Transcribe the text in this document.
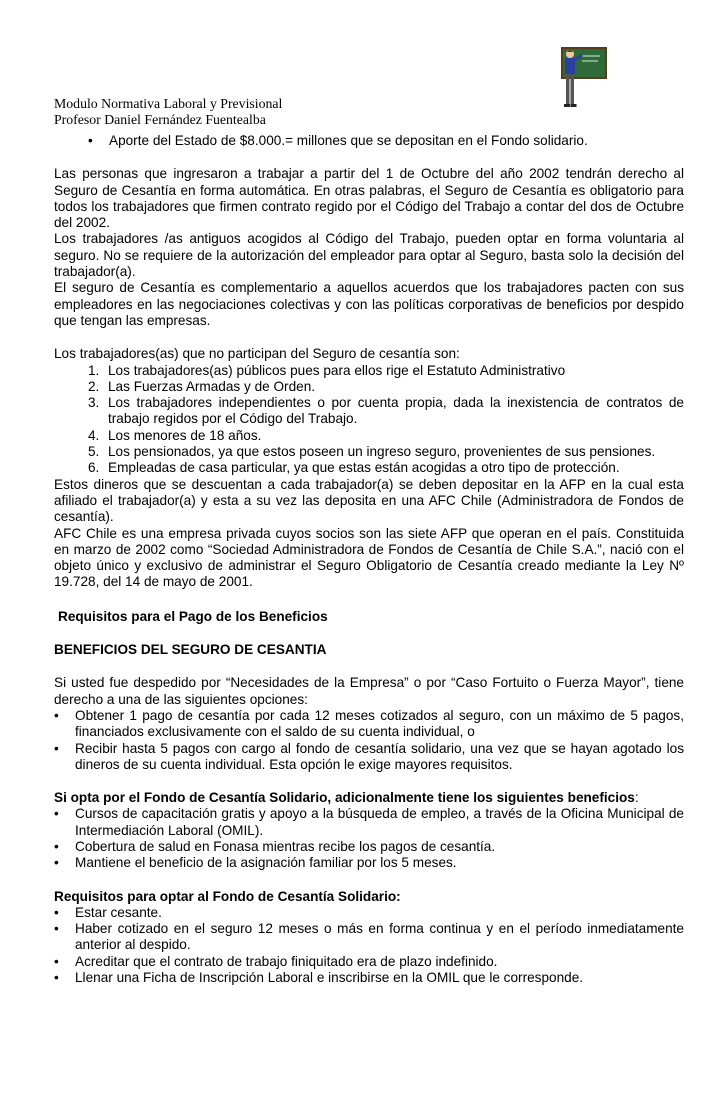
Modulo Normativa Laboral y Previsional

Profesor Daniel Fernández Fuentealba

• Aporte del Estado de $8.000.= millones que se depositan en el Fondo solidario.

Las personas que ingresaron a trabajar a partir del 1 de Octubre del año 2002 tendrán derecho al Seguro de Cesantía en forma automática. En otras palabras, el Seguro de Cesantía es obligatorio para todos los trabajadores que firmen contrato regido por el Código del Trabajo a contar del dos de Octubre del 2002.

Los trabajadores /as antiguos acogidos al Código del Trabajo, pueden optar en forma voluntaria al seguro. No se requiere de la autorización del empleador para optar al Seguro, basta solo la decisión del trabajador(a).

El seguro de Cesantía es complementario a aquellos acuerdos que los trabajadores pacten con sus empleadores en las negociaciones colectivas y con las políticas corporativas de beneficios por despido que tengan las empresas.

Los trabajadores(as) que no participan del Seguro de cesantía son:

1. Los trabajadores(as) públicos pues para ellos rige el Estatuto Administrativo
2. Las Fuerzas Armadas y de Orden.
3. Los trabajadores independientes o por cuenta propia, dada la inexistencia de contratos de trabajo regidos por el Código del Trabajo.
4. Los menores de 18 años.
5. Los pensionados, ya que estos poseen un ingreso seguro, provenientes de sus pensiones.
6. Empleadas de casa particular, ya que estas están acogidas a otro tipo de protección.

Estos dineros que se descuentan a cada trabajador(a) se deben depositar en la AFP en la cual esta afiliado el trabajador(a) y esta a su vez las deposita en una AFC Chile (Administradora de Fondos de cesantía).

AFC Chile es una empresa privada cuyos socios son las siete AFP que operan en el país. Constituida en marzo de 2002 como “Sociedad Administradora de Fondos de Cesantía de Chile S.A.”, nació con el objeto único y exclusivo de administrar el Seguro Obligatorio de Cesantía creado mediante la Ley Nº 19.728, del 14 de mayo de 2001.

Requisitos para el Pago de los Beneficios

BENEFICIOS DEL SEGURO DE CESANTIA

Si usted fue despedido por “Necesidades de la Empresa” o por “Caso Fortuito o Fuerza Mayor”, tiene derecho a una de las siguientes opciones:

• Obtener 1 pago de cesantía por cada 12 meses cotizados al seguro, con un máximo de 5 pagos, financiados exclusivamente con el saldo de su cuenta individual, o
• Recibir hasta 5 pagos con cargo al fondo de cesantía solidario, una vez que se hayan agotado los dineros de su cuenta individual. Esta opción le exige mayores requisitos.

Si opta por el Fondo de Cesantía Solidario, adicionalmente tiene los siguientes beneficios:

• Cursos de capacitación gratis y apoyo a la búsqueda de empleo, a través de la Oficina Municipal de Intermediación Laboral (OMIL).
• Cobertura de salud en Fonasa mientras recibe los pagos de cesantía.
• Mantiene el beneficio de la asignación familiar por los 5 meses.

Requisitos para optar al Fondo de Cesantía Solidario:

• Estar cesante.
• Haber cotizado en el seguro 12 meses o más en forma continua y en el período inmediatamente anterior al despido.
• Acreditar que el contrato de trabajo finiquitado era de plazo indefinido.
• Llenar una Ficha de Inscripción Laboral e inscribirse en la OMIL que le corresponde.
